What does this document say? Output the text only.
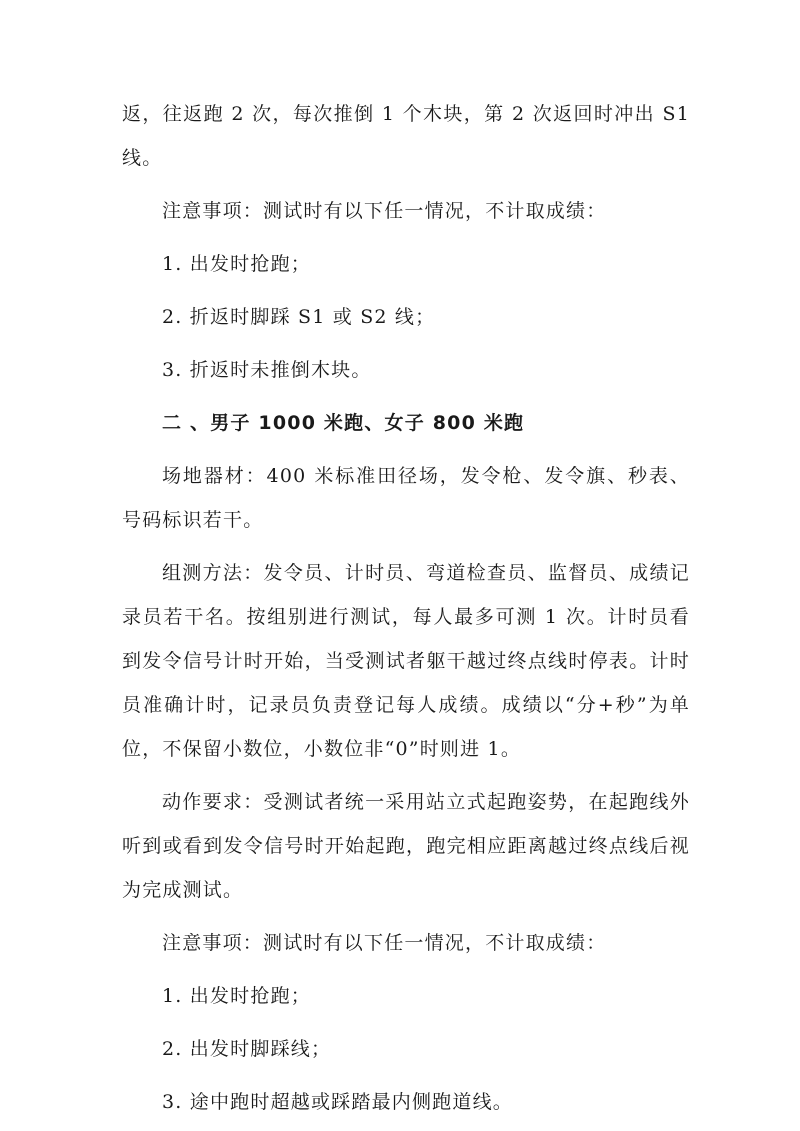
返，往返跑 2 次，每次推倒 1 个木块，第 2 次返回时冲出 S1 线。

注意事项：测试时有以下任一情况，不计取成绩：

1. 出发时抢跑；

2. 折返时脚踩 S1 或 S2 线；

3. 折返时未推倒木块。

二 、男子 1000 米跑、女子 800 米跑

场地器材：400 米标准田径场，发令枪、发令旗、秒表、号码标识若干。

组测方法：发令员、计时员、弯道检查员、监督员、成绩记录员若干名。按组别进行测试，每人最多可测 1 次。计时员看到发令信号计时开始，当受测试者躯干越过终点线时停表。计时员准确计时，记录员负责登记每人成绩。成绩以“分+秒”为单位，不保留小数位，小数位非“0”时则进 1。

动作要求：受测试者统一采用站立式起跑姿势，在起跑线外听到或看到发令信号时开始起跑，跑完相应距离越过终点线后视为完成测试。

注意事项：测试时有以下任一情况，不计取成绩：

1. 出发时抢跑；

2. 出发时脚踩线；

3. 途中跑时超越或踩踏最内侧跑道线。
